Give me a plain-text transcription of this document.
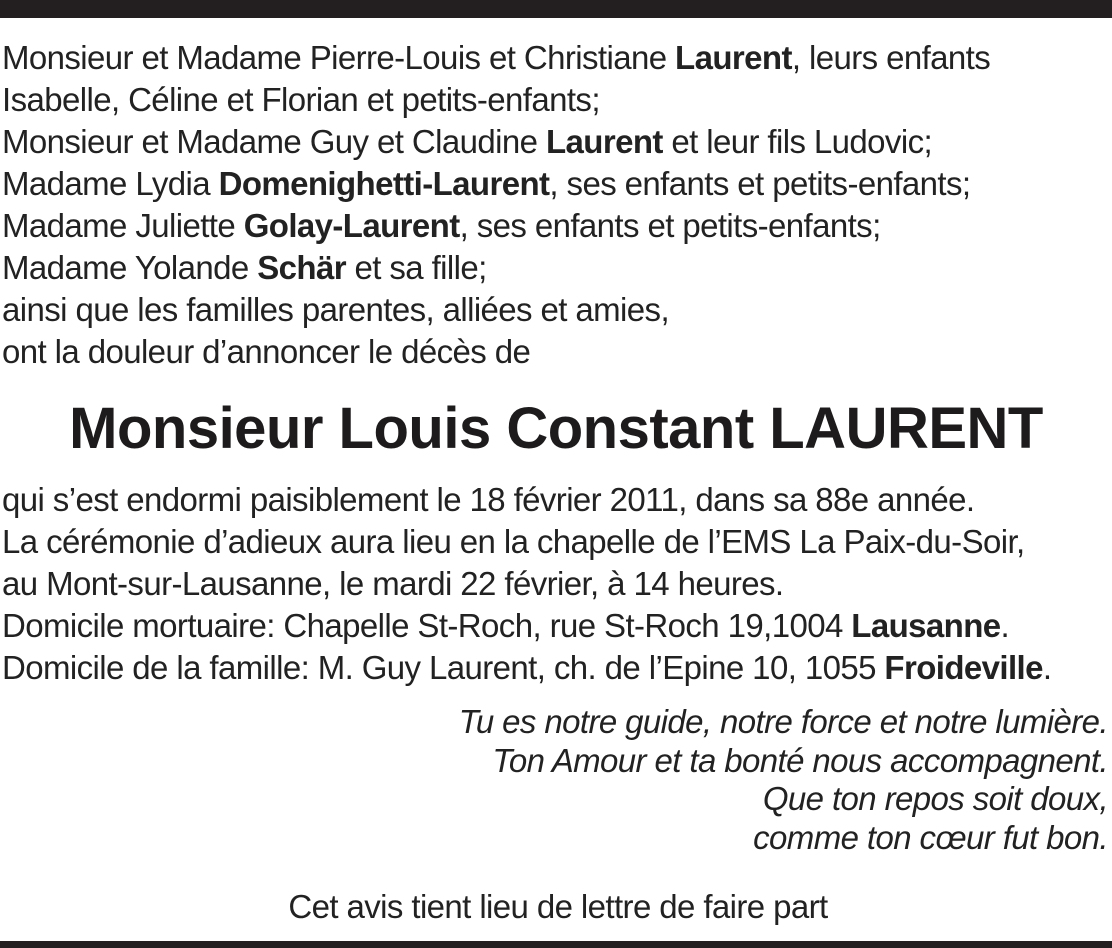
Monsieur et Madame Pierre-Louis et Christiane Laurent, leurs enfants
Isabelle, Céline et Florian et petits-enfants;
Monsieur et Madame Guy et Claudine Laurent et leur fils Ludovic;
Madame Lydia Domenighetti-Laurent, ses enfants et petits-enfants;
Madame Juliette Golay-Laurent, ses enfants et petits-enfants;
Madame Yolande Schär et sa fille;
ainsi que les familles parentes, alliées et amies,
ont la douleur d’annoncer le décès de
Monsieur Louis Constant LAURENT
qui s’est endormi paisiblement le 18 février 2011, dans sa 88e année.
La cérémonie d’adieux aura lieu en la chapelle de l’EMS La Paix-du-Soir,
au Mont-sur-Lausanne, le mardi 22 février, à 14 heures.
Domicile mortuaire: Chapelle St-Roch, rue St-Roch 19,1004 Lausanne.
Domicile de la famille: M. Guy Laurent, ch. de l’Epine 10, 1055 Froideville.
Tu es notre guide, notre force et notre lumière.
Ton Amour et ta bonté nous accompagnent.
Que ton repos soit doux,
comme ton cœur fut bon.
Cet avis tient lieu de lettre de faire part
